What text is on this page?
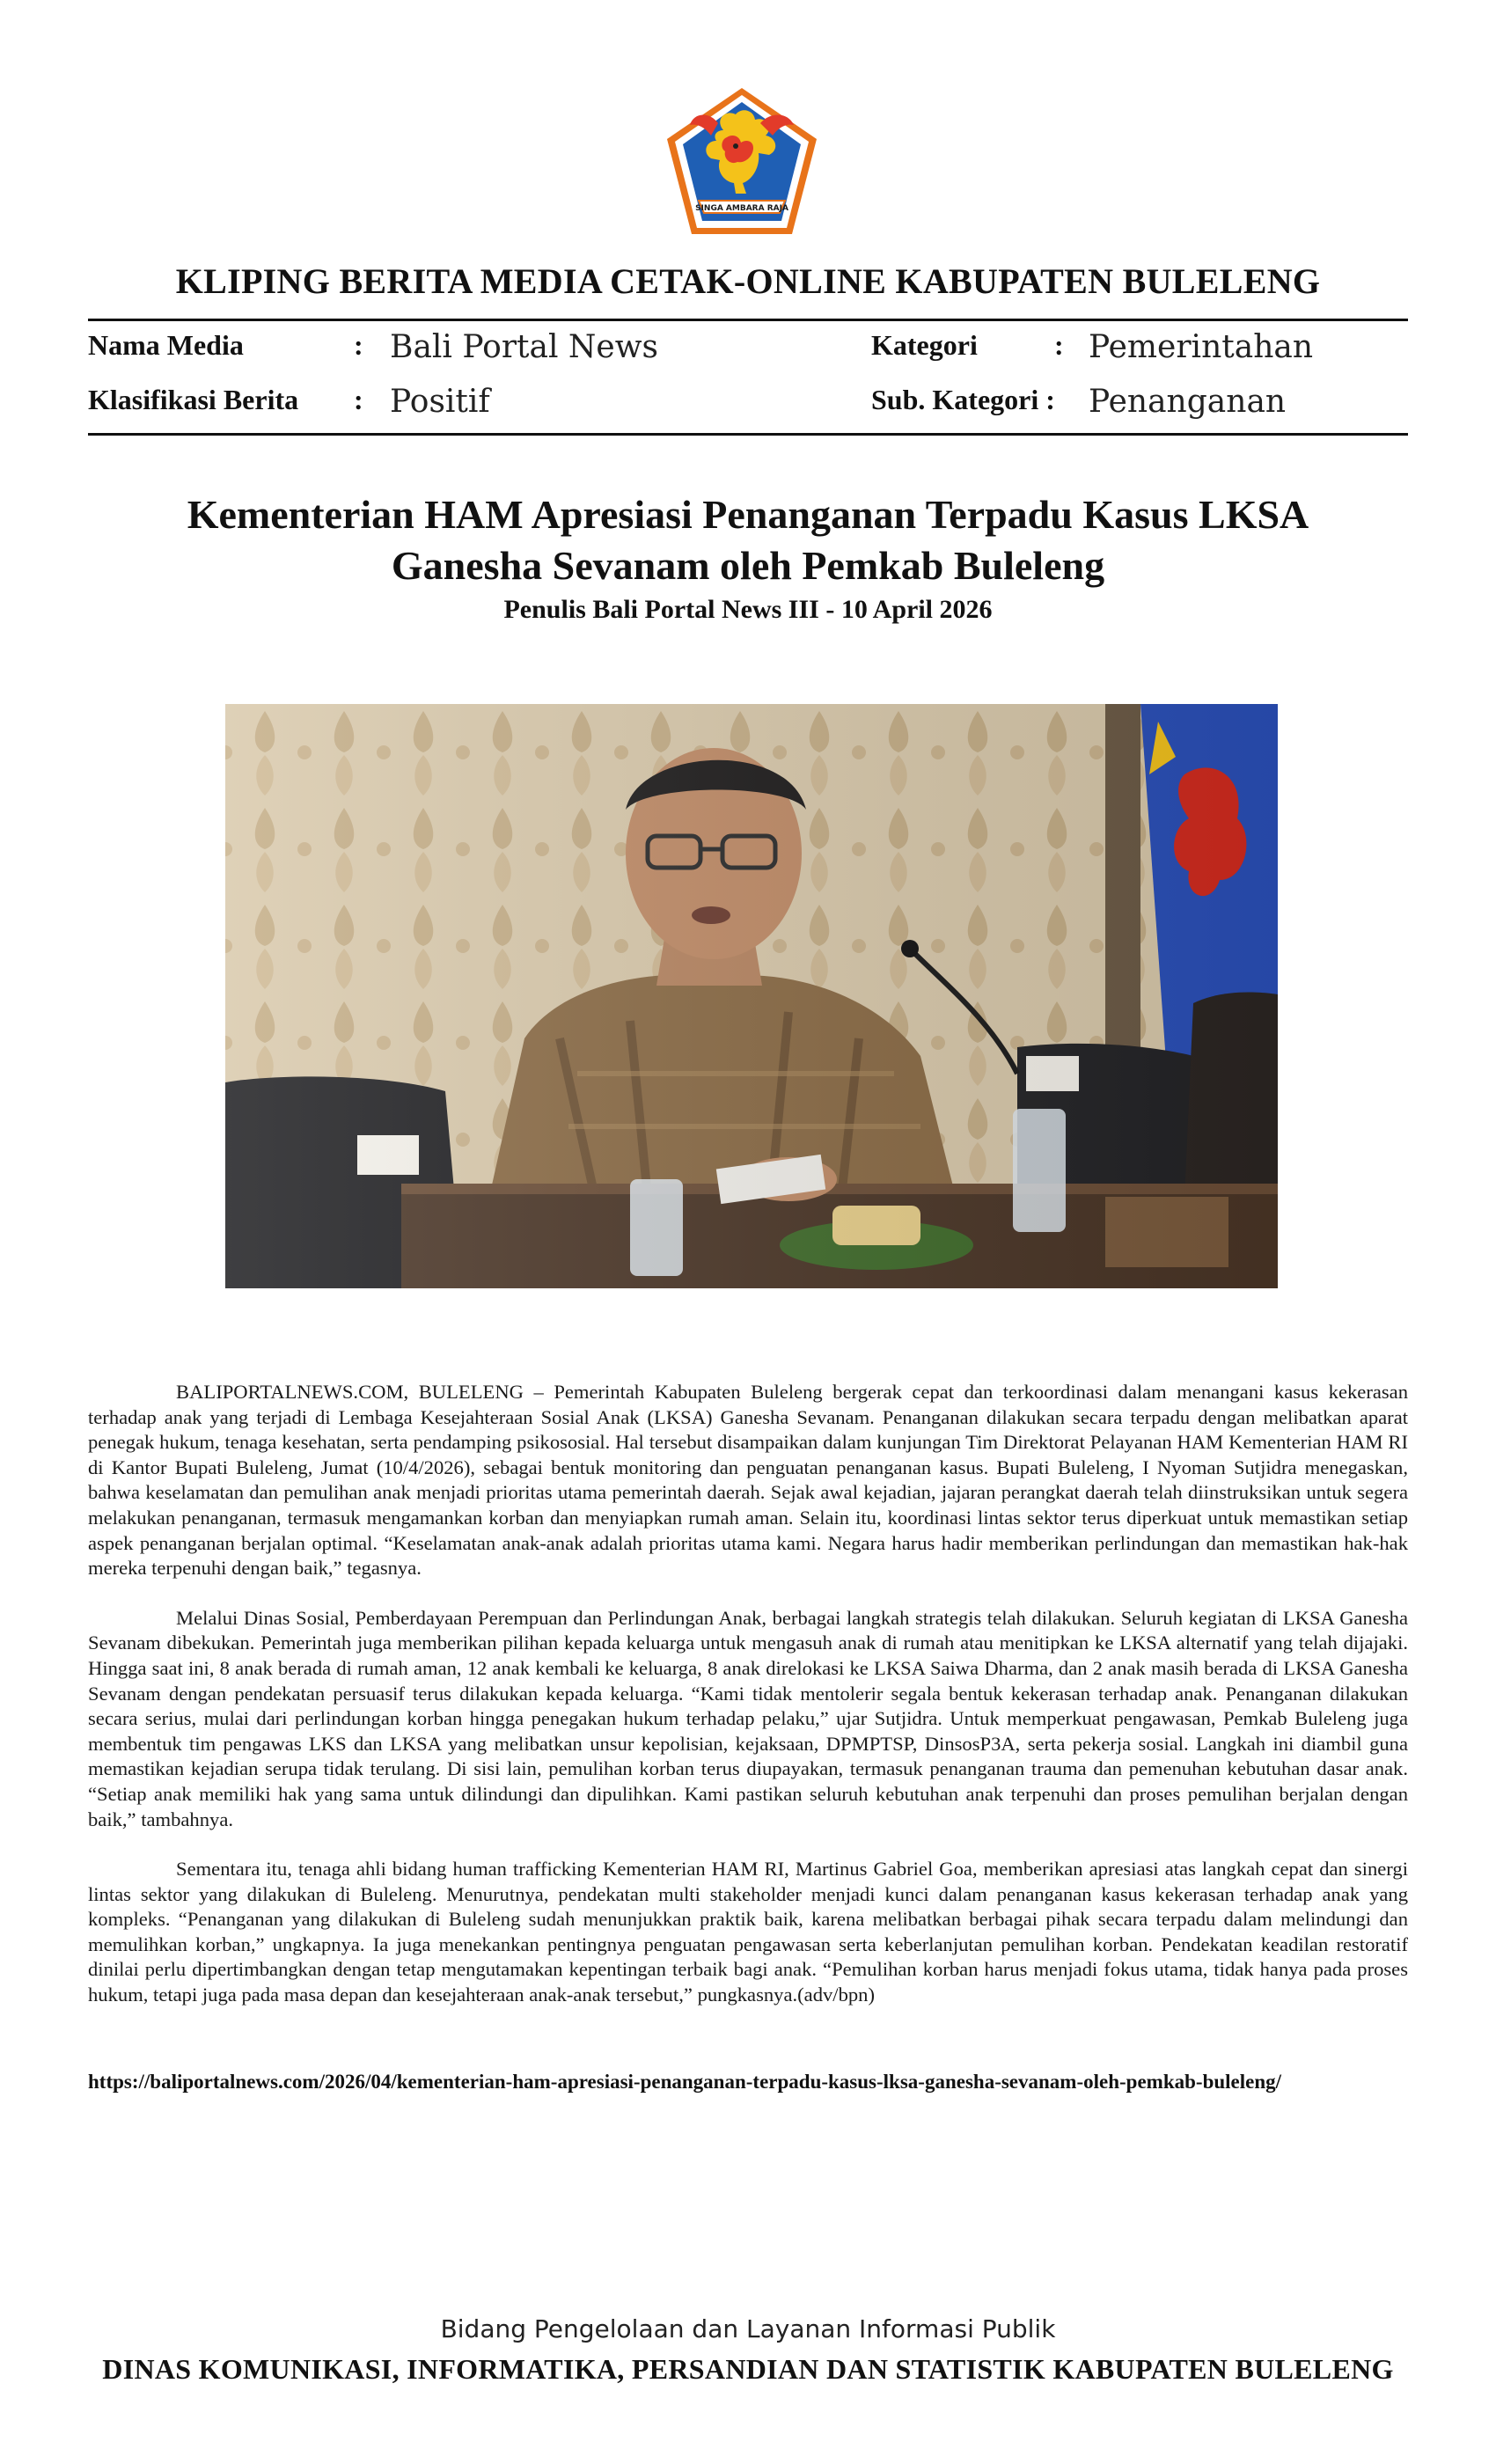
SINGA AMBARA RAJA
KLIPING BERITA MEDIA CETAK-ONLINE KABUPATEN BULELENG
Nama Media	: Bali Portal News
Klasifikasi Berita : Positif
Kategori	: Pemerintahan
Sub. Kategori : Penanganan
Kementerian HAM Apresiasi Penanganan Terpadu Kasus LKSA
Ganesha Sevanam oleh Pemkab Buleleng
Penulis Bali Portal News III - 10 April 2026

BALIPORTALNEWS.COM, BULELENG – Pemerintah Kabupaten Buleleng bergerak cepat dan terkoordinasi dalam menangani kasus kekerasan terhadap anak yang terjadi di Lembaga Kesejahteraan Sosial Anak (LKSA) Ganesha Sevanam. Penanganan dilakukan secara terpadu dengan melibatkan aparat penegak hukum, tenaga kesehatan, serta pendamping psikososial. Hal tersebut disampaikan dalam kunjungan Tim Direktorat Pelayanan HAM Kementerian HAM RI di Kantor Bupati Buleleng, Jumat (10/4/2026), sebagai bentuk monitoring dan penguatan penanganan kasus. Bupati Buleleng, I Nyoman Sutjidra menegaskan, bahwa keselamatan dan pemulihan anak menjadi prioritas utama pemerintah daerah. Sejak awal kejadian, jajaran perangkat daerah telah diinstruksikan untuk segera melakukan penanganan, termasuk mengamankan korban dan menyiapkan rumah aman. Selain itu, koordinasi lintas sektor terus diperkuat untuk memastikan setiap aspek penanganan berjalan optimal. “Keselamatan anak-anak adalah prioritas utama kami. Negara harus hadir memberikan perlindungan dan memastikan hak-hak mereka terpenuhi dengan baik,” tegasnya.

Melalui Dinas Sosial, Pemberdayaan Perempuan dan Perlindungan Anak, berbagai langkah strategis telah dilakukan. Seluruh kegiatan di LKSA Ganesha Sevanam dibekukan. Pemerintah juga memberikan pilihan kepada keluarga untuk mengasuh anak di rumah atau menitipkan ke LKSA alternatif yang telah dijajaki. Hingga saat ini, 8 anak berada di rumah aman, 12 anak kembali ke keluarga, 8 anak direlokasi ke LKSA Saiwa Dharma, dan 2 anak masih berada di LKSA Ganesha Sevanam dengan pendekatan persuasif terus dilakukan kepada keluarga. “Kami tidak mentolerir segala bentuk kekerasan terhadap anak. Penanganan dilakukan secara serius, mulai dari perlindungan korban hingga penegakan hukum terhadap pelaku,” ujar Sutjidra. Untuk memperkuat pengawasan, Pemkab Buleleng juga membentuk tim pengawas LKS dan LKSA yang melibatkan unsur kepolisian, kejaksaan, DPMPTSP, DinsosP3A, serta pekerja sosial. Langkah ini diambil guna memastikan kejadian serupa tidak terulang. Di sisi lain, pemulihan korban terus diupayakan, termasuk penanganan trauma dan pemenuhan kebutuhan dasar anak. “Setiap anak memiliki hak yang sama untuk dilindungi dan dipulihkan. Kami pastikan seluruh kebutuhan anak terpenuhi dan proses pemulihan berjalan dengan baik,” tambahnya.

Sementara itu, tenaga ahli bidang human trafficking Kementerian HAM RI, Martinus Gabriel Goa, memberikan apresiasi atas langkah cepat dan sinergi lintas sektor yang dilakukan di Buleleng. Menurutnya, pendekatan multi stakeholder menjadi kunci dalam penanganan kasus kekerasan terhadap anak yang kompleks. “Penanganan yang dilakukan di Buleleng sudah menunjukkan praktik baik, karena melibatkan berbagai pihak secara terpadu dalam melindungi dan memulihkan korban,” ungkapnya. Ia juga menekankan pentingnya penguatan pengawasan serta keberlanjutan pemulihan korban. Pendekatan keadilan restoratif dinilai perlu dipertimbangkan dengan tetap mengutamakan kepentingan terbaik bagi anak. “Pemulihan korban harus menjadi fokus utama, tidak hanya pada proses hukum, tetapi juga pada masa depan dan kesejahteraan anak-anak tersebut,” pungkasnya.(adv/bpn)

https://baliportalnews.com/2026/04/kementerian-ham-apresiasi-penanganan-terpadu-kasus-lksa-ganesha-sevanam-oleh-pemkab-buleleng/
Bidang Pengelolaan dan Layanan Informasi Publik
DINAS KOMUNIKASI, INFORMATIKA, PERSANDIAN DAN STATISTIK KABUPATEN BULELENG
